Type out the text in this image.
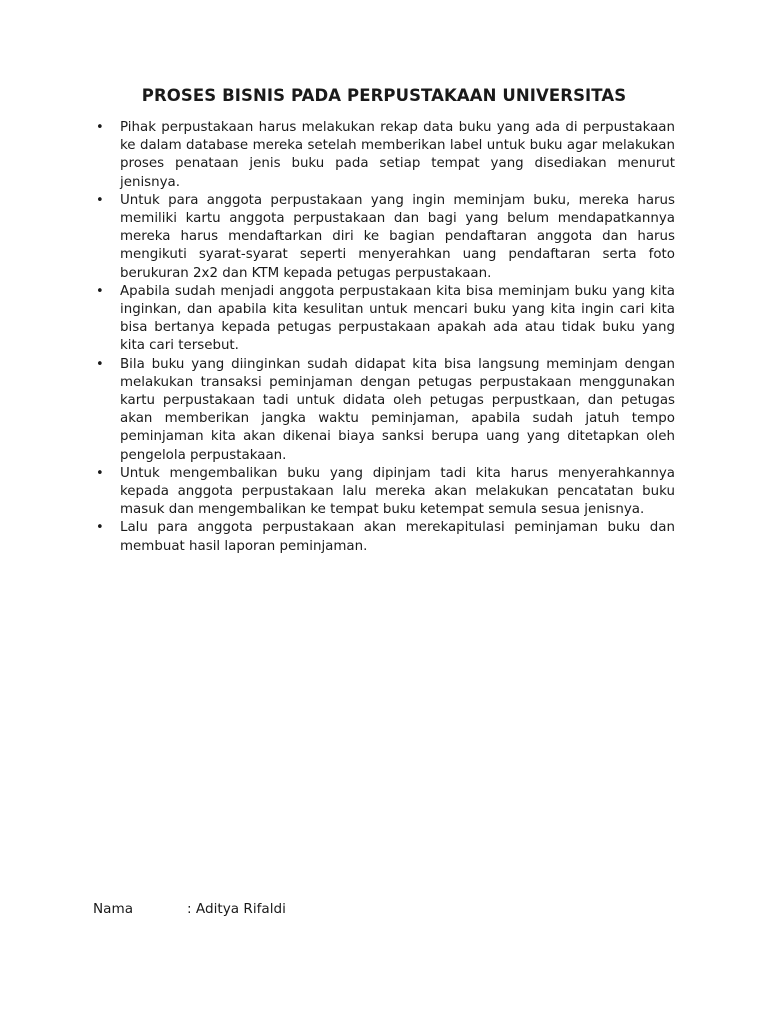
PROSES BISNIS PADA PERPUSTAKAAN UNIVERSITAS
• Pihak perpustakaan harus melakukan rekap data buku yang ada di perpustakaan ke dalam database mereka setelah memberikan label untuk buku agar melakukan proses penataan jenis buku pada setiap tempat yang disediakan menurut jenisnya.
• Untuk para anggota perpustakaan yang ingin meminjam buku, mereka harus memiliki kartu anggota perpustakaan dan bagi yang belum mendapatkannya mereka harus mendaftarkan diri ke bagian pendaftaran anggota dan harus mengikuti syarat-syarat seperti menyerahkan uang pendaftaran serta foto berukuran 2x2 dan KTM kepada petugas perpustakaan.
• Apabila sudah menjadi anggota perpustakaan kita bisa meminjam buku yang kita inginkan, dan apabila kita kesulitan untuk mencari buku yang kita ingin cari kita bisa bertanya kepada petugas perpustakaan apakah ada atau tidak buku yang kita cari tersebut.
• Bila buku yang diinginkan sudah didapat kita bisa langsung meminjam dengan melakukan transaksi peminjaman dengan petugas perpustakaan menggunakan kartu perpustakaan tadi untuk didata oleh petugas perpustkaan, dan petugas akan memberikan jangka waktu peminjaman, apabila sudah jatuh tempo peminjaman kita akan dikenai biaya sanksi berupa uang yang ditetapkan oleh pengelola perpustakaan.
• Untuk mengembalikan buku yang dipinjam tadi kita harus menyerahkannya kepada anggota perpustakaan lalu mereka akan melakukan pencatatan buku masuk dan mengembalikan ke tempat buku ketempat semula sesua jenisnya.
• Lalu para anggota perpustakaan akan merekapitulasi peminjaman buku dan membuat hasil laporan peminjaman.
Nama	: Aditya Rifaldi
